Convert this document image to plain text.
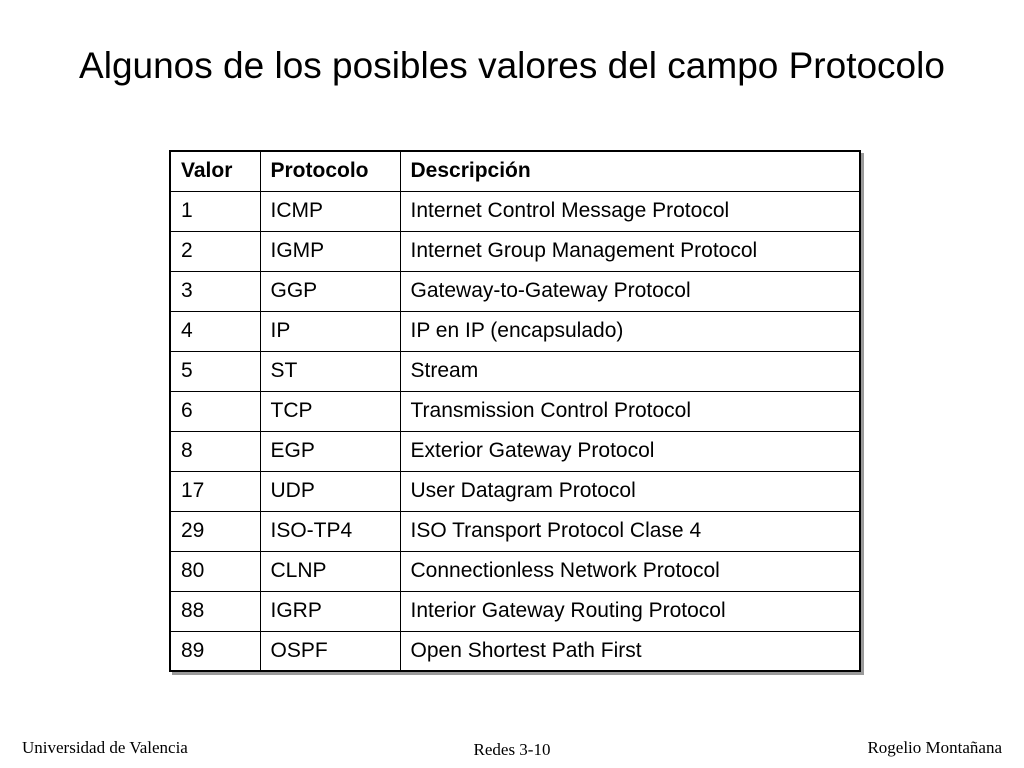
Algunos de los posibles valores del campo Protocolo
Valor	Protocolo	Descripción
1	ICMP	Internet Control Message Protocol
2	IGMP	Internet Group Management Protocol
3	GGP	Gateway-to-Gateway Protocol
4	IP	IP en IP (encapsulado)
5	ST	Stream
6	TCP	Transmission Control Protocol
8	EGP	Exterior Gateway Protocol
17	UDP	User Datagram Protocol
29	ISO-TP4	ISO Transport Protocol Clase 4
80	CLNP	Connectionless Network Protocol
88	IGRP	Interior Gateway Routing Protocol
89	OSPF	Open Shortest Path First
Universidad de Valencia	Redes 3-10	Rogelio Montañana
